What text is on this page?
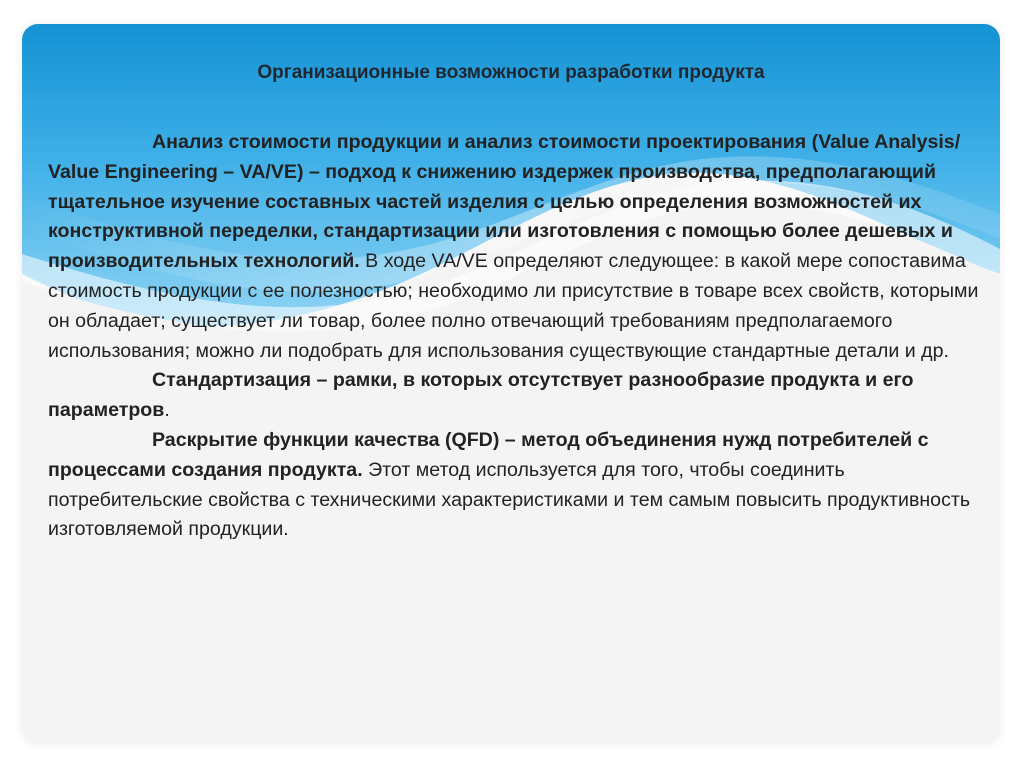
Организационные возможности разработки продукта

Анализ стоимости продукции и анализ стоимости проектирования (Value Analysis/ Value Engineering – VA/VE) – подход к снижению издержек производства, предполагающий тщательное изучение составных частей изделия с целью определения возможностей их конструктивной переделки, стандартизации или изготовления с помощью более дешевых и производительных технологий. В ходе VA/VE определяют следующее: в какой мере сопоставима стоимость продукции с ее полезностью; необходимо ли присутствие в товаре всех свойств, которыми он обладает; существует ли товар, более полно отвечающий требованиям предполагаемого использования; можно ли подобрать для использования существующие стандартные детали и др.

Стандартизация – рамки, в которых отсутствует разнообразие продукта и его параметров.

Раскрытие функции качества (QFD) – метод объединения нужд потребителей с процессами создания продукта. Этот метод используется для того, чтобы соединить потребительские свойства с техническими характеристиками и тем самым повысить продуктивность изготовляемой продукции.
